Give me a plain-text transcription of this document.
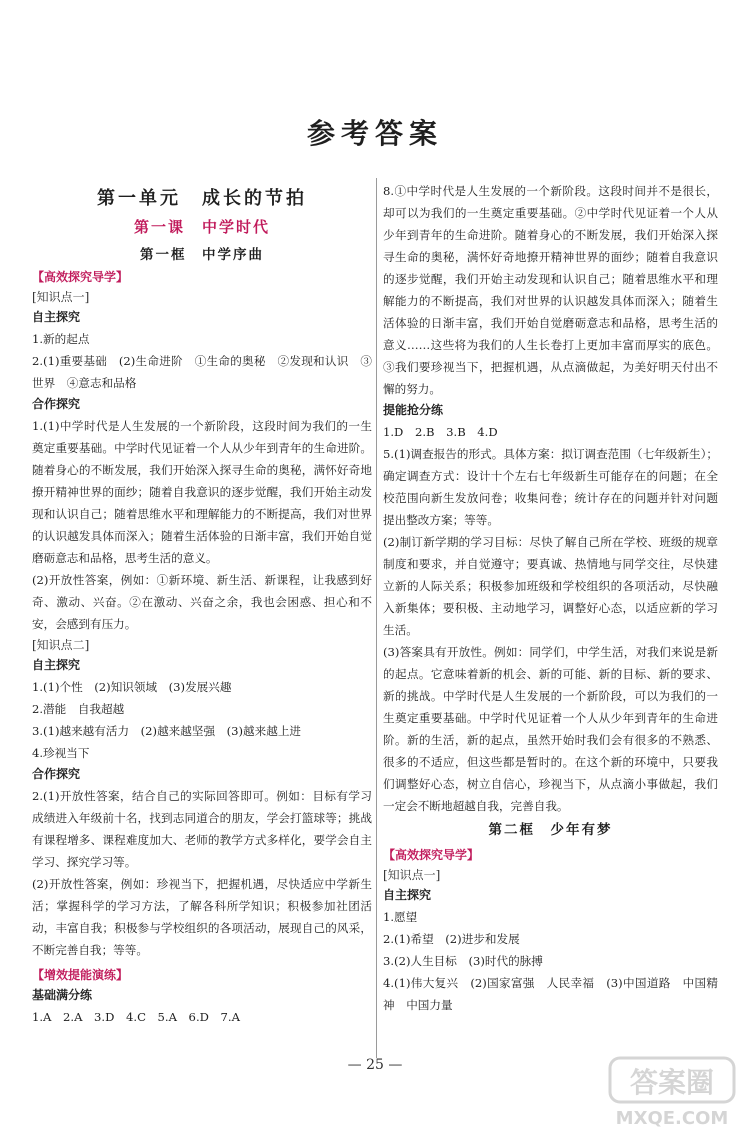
参考答案
第一单元　成长的节拍
第一课　中学时代
第一框　中学序曲
【高效探究导学】
[知识点一]
自主探究

1.新的起点

2.(1)重要基础　(2)生命进阶　①生命的奥秘　②发现和认识　③世界　④意志和品格

合作探究

1.(1)中学时代是人生发展的一个新阶段，这段时间为我们的一生奠定重要基础。中学时代见证着一个人从少年到青年的生命进阶。随着身心的不断发展，我们开始深入探寻生命的奥秘，满怀好奇地撩开精神世界的面纱；随着自我意识的逐步觉醒，我们开始主动发现和认识自己；随着思维水平和理解能力的不断提高，我们对世界的认识越发具体而深入；随着生活体验的日渐丰富，我们开始自觉磨砺意志和品格，思考生活的意义。

(2)开放性答案，例如：①新环境、新生活、新课程，让我感到好奇、激动、兴奋。②在激动、兴奋之余，我也会困惑、担心和不安，会感到有压力。

[知识点二]
自主探究

1.(1)个性　(2)知识领域　(3)发展兴趣

2.潜能　自我超越

3.(1)越来越有活力　(2)越来越坚强　(3)越来越上进

4.珍视当下

合作探究

2.(1)开放性答案，结合自己的实际回答即可。例如：目标有学习成绩进入年级前十名，找到志同道合的朋友，学会打篮球等；挑战有课程增多、课程难度加大、老师的教学方式多样化，要学会自主学习、探究学习等。

(2)开放性答案，例如：珍视当下，把握机遇，尽快适应中学新生活；掌握科学的学习方法，了解各科所学知识；积极参加社团活动，丰富自我；积极参与学校组织的各项活动，展现自己的风采，不断完善自我；等等。

【增效提能演练】
基础满分练
1.A　2.A　3.D　4.C　5.A　6.D　7.A

8.①中学时代是人生发展的一个新阶段。这段时间并不是很长，却可以为我们的一生奠定重要基础。②中学时代见证着一个人从少年到青年的生命进阶。随着身心的不断发展，我们开始深入探寻生命的奥秘，满怀好奇地撩开精神世界的面纱；随着自我意识的逐步觉醒，我们开始主动发现和认识自己；随着思维水平和理解能力的不断提高，我们对世界的认识越发具体而深入；随着生活体验的日渐丰富，我们开始自觉磨砺意志和品格，思考生活的意义……这些将为我们的人生长卷打上更加丰富而厚实的底色。③我们要珍视当下，把握机遇，从点滴做起，为美好明天付出不懈的努力。

提能抢分练
1.D　2.B　3.B　4.D

5.(1)调查报告的形式。具体方案：拟订调查范围（七年级新生）；确定调查方式：设计十个左右七年级新生可能存在的问题；在全校范围向新生发放问卷；收集问卷；统计存在的问题并针对问题提出整改方案；等等。

(2)制订新学期的学习目标：尽快了解自己所在学校、班级的规章制度和要求，并自觉遵守；要真诚、热情地与同学交往，尽快建立新的人际关系；积极参加班级和学校组织的各项活动，尽快融入新集体；要积极、主动地学习，调整好心态，以适应新的学习生活。

(3)答案具有开放性。例如：同学们，中学生活，对我们来说是新的起点。它意味着新的机会、新的可能、新的目标、新的要求、新的挑战。中学时代是人生发展的一个新阶段，可以为我们的一生奠定重要基础。中学时代见证着一个人从少年到青年的生命进阶。新的生活，新的起点，虽然开始时我们会有很多的不熟悉、很多的不适应，但这些都是暂时的。在这个新的环境中，只要我们调整好心态，树立自信心，珍视当下，从点滴小事做起，我们一定会不断地超越自我，完善自我。

第二框　少年有梦
【高效探究导学】
[知识点一]
自主探究

1.愿望

2.(1)希望　(2)进步和发展

3.(2)人生目标　(3)时代的脉搏

4.(1)伟大复兴　(2)国家富强　人民幸福　(3)中国道路　中国精神　中国力量

— 25 —
答案圈
MXQE.COM
